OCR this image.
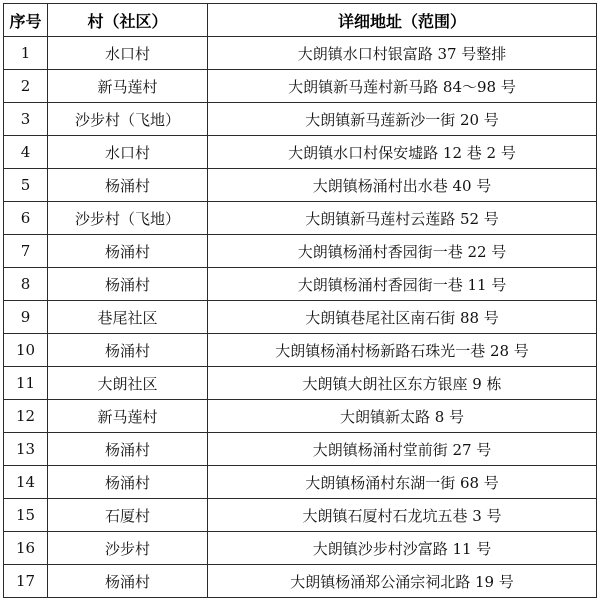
序号	村（社区）	详细地址（范围）
1	水口村	大朗镇水口村银富路 37 号整排
2	新马莲村	大朗镇新马莲村新马路 84～98 号
3	沙步村（飞地）	大朗镇新马莲新沙一街 20 号
4	水口村	大朗镇水口村保安墟路 12 巷 2 号
5	杨涌村	大朗镇杨涌村出水巷 40 号
6	沙步村（飞地）	大朗镇新马莲村云莲路 52 号
7	杨涌村	大朗镇杨涌村香园街一巷 22 号
8	杨涌村	大朗镇杨涌村香园街一巷 11 号
9	巷尾社区	大朗镇巷尾社区南石街 88 号
10	杨涌村	大朗镇杨涌村杨新路石珠光一巷 28 号
11	大朗社区	大朗镇大朗社区东方银座 9 栋
12	新马莲村	大朗镇新太路 8 号
13	杨涌村	大朗镇杨涌村堂前街 27 号
14	杨涌村	大朗镇杨涌村东湖一街 68 号
15	石厦村	大朗镇石厦村石龙坑五巷 3 号
16	沙步村	大朗镇沙步村沙富路 11 号
17	杨涌村	大朗镇杨涌郑公涌宗祠北路 19 号
